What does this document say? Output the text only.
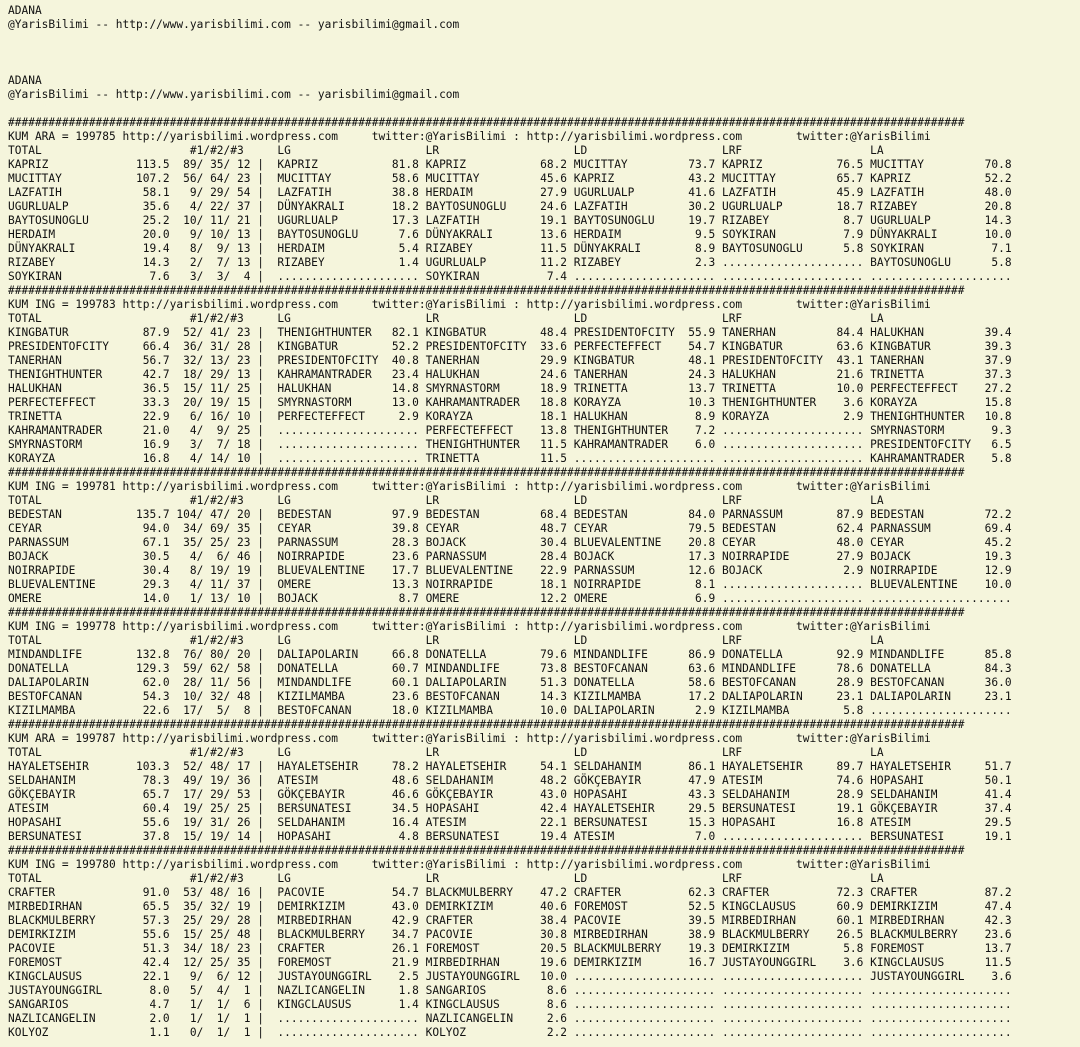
ADANA
@YarisBilimi -- http://www.yarisbilimi.com -- yarisbilimi@gmail.com
ADANA
@YarisBilimi -- http://www.yarisbilimi.com -- yarisbilimi@gmail.com
##############################################################################################################################################
KUM ARA = 199785 http://yarisbilimi.wordpress.com     twitter:@YarisBilimi : http://yarisbilimi.wordpress.com        twitter:@YarisBilimi
TOTAL                      #1/#2/#3     LG                    LR                    LD                    LRF                   LA
KAPRIZ             113.5  89/ 35/ 12 |  KAPRIZ           81.8 KAPRIZ           68.2 MUCITTAY         73.7 KAPRIZ           76.5 MUCITTAY         70.8
MUCITTAY           107.2  56/ 64/ 23 |  MUCITTAY         58.6 MUCITTAY         45.6 KAPRIZ           43.2 MUCITTAY         65.7 KAPRIZ           52.2
LAZFATIH            58.1   9/ 29/ 54 |  LAZFATIH         38.8 HERDAIM          27.9 UGURLUALP        41.6 LAZFATIH         45.9 LAZFATIH         48.0
UGURLUALP           35.6   4/ 22/ 37 |  DÜNYAKRALI       18.2 BAYTOSUNOGLU     24.6 LAZFATIH         30.2 UGURLUALP        18.7 RIZABEY          20.8
BAYTOSUNOGLU        25.2  10/ 11/ 21 |  UGURLUALP        17.3 LAZFATIH         19.1 BAYTOSUNOGLU     19.7 RIZABEY           8.7 UGURLUALP        14.3
HERDAIM             20.0   9/ 10/ 13 |  BAYTOSUNOGLU      7.6 DÜNYAKRALI       13.6 HERDAIM           9.5 SOYKIRAN          7.9 DÜNYAKRALI       10.0
DÜNYAKRALI          19.4   8/  9/ 13 |  HERDAIM           5.4 RIZABEY          11.5 DÜNYAKRALI        8.9 BAYTOSUNOGLU      5.8 SOYKIRAN          7.1
RIZABEY             14.3   2/  7/ 13 |  RIZABEY           1.4 UGURLUALP        11.2 RIZABEY           2.3 ..................... BAYTOSUNOGLU      5.8
SOYKIRAN             7.6   3/  3/  4 |  ..................... SOYKIRAN          7.4 ..................... ..................... .....................
##############################################################################################################################################
KUM ING = 199783 http://yarisbilimi.wordpress.com     twitter:@YarisBilimi : http://yarisbilimi.wordpress.com        twitter:@YarisBilimi
TOTAL                      #1/#2/#3     LG                    LR                    LD                    LRF                   LA
KINGBATUR           87.9  52/ 41/ 23 |  THENIGHTHUNTER   82.1 KINGBATUR        48.4 PRESIDENTOFCITY  55.9 TANERHAN         84.4 HALUKHAN         39.4
PRESIDENTOFCITY     66.4  36/ 31/ 28 |  KINGBATUR        52.2 PRESIDENTOFCITY  33.6 PERFECTEFFECT    54.7 KINGBATUR        63.6 KINGBATUR        39.3
TANERHAN            56.7  32/ 13/ 23 |  PRESIDENTOFCITY  40.8 TANERHAN         29.9 KINGBATUR        48.1 PRESIDENTOFCITY  43.1 TANERHAN         37.9
THENIGHTHUNTER      42.7  18/ 29/ 13 |  KAHRAMANTRADER   23.4 HALUKHAN         24.6 TANERHAN         24.3 HALUKHAN         21.6 TRINETTA         37.3
HALUKHAN            36.5  15/ 11/ 25 |  HALUKHAN         14.8 SMYRNASTORM      18.9 TRINETTA         13.7 TRINETTA         10.0 PERFECTEFFECT    27.2
PERFECTEFFECT       33.3  20/ 19/ 15 |  SMYRNASTORM      13.0 KAHRAMANTRADER   18.8 KORAYZA          10.3 THENIGHTHUNTER    3.6 KORAYZA          15.8
TRINETTA            22.9   6/ 16/ 10 |  PERFECTEFFECT     2.9 KORAYZA          18.1 HALUKHAN          8.9 KORAYZA           2.9 THENIGHTHUNTER   10.8
KAHRAMANTRADER      21.0   4/  9/ 25 |  ..................... PERFECTEFFECT    13.8 THENIGHTHUNTER    7.2 ..................... SMYRNASTORM       9.3
SMYRNASTORM         16.9   3/  7/ 18 |  ..................... THENIGHTHUNTER   11.5 KAHRAMANTRADER    6.0 ..................... PRESIDENTOFCITY   6.5
KORAYZA             16.8   4/ 14/ 10 |  ..................... TRINETTA         11.5 ..................... ..................... KAHRAMANTRADER    5.8
##############################################################################################################################################
KUM ING = 199781 http://yarisbilimi.wordpress.com     twitter:@YarisBilimi : http://yarisbilimi.wordpress.com        twitter:@YarisBilimi
TOTAL                      #1/#2/#3     LG                    LR                    LD                    LRF                   LA
BEDESTAN           135.7 104/ 47/ 20 |  BEDESTAN         97.9 BEDESTAN         68.4 BEDESTAN         84.0 PARNASSUM        87.9 BEDESTAN         72.2
CEYAR               94.0  34/ 69/ 35 |  CEYAR            39.8 CEYAR            48.7 CEYAR            79.5 BEDESTAN         62.4 PARNASSUM        69.4
PARNASSUM           67.1  35/ 25/ 23 |  PARNASSUM        28.3 BOJACK           30.4 BLUEVALENTINE    20.8 CEYAR            48.0 CEYAR            45.2
BOJACK              30.5   4/  6/ 46 |  NOIRRAPIDE       23.6 PARNASSUM        28.4 BOJACK           17.3 NOIRRAPIDE       27.9 BOJACK           19.3
NOIRRAPIDE          30.4   8/ 19/ 19 |  BLUEVALENTINE    17.7 BLUEVALENTINE    22.9 PARNASSUM        12.6 BOJACK            2.9 NOIRRAPIDE       12.9
BLUEVALENTINE       29.3   4/ 11/ 37 |  OMERE            13.3 NOIRRAPIDE       18.1 NOIRRAPIDE        8.1 ..................... BLUEVALENTINE    10.0
OMERE               14.0   1/ 13/ 10 |  BOJACK            8.7 OMERE            12.2 OMERE             6.9 ..................... .....................
##############################################################################################################################################
KUM ING = 199778 http://yarisbilimi.wordpress.com     twitter:@YarisBilimi : http://yarisbilimi.wordpress.com        twitter:@YarisBilimi
TOTAL                      #1/#2/#3     LG                    LR                    LD                    LRF                   LA
MINDANDLIFE        132.8  76/ 80/ 20 |  DALIAPOLARIN     66.8 DONATELLA        79.6 MINDANDLIFE      86.9 DONATELLA        92.9 MINDANDLIFE      85.8
DONATELLA          129.3  59/ 62/ 58 |  DONATELLA        60.7 MINDANDLIFE      73.8 BESTOFCANAN      63.6 MINDANDLIFE      78.6 DONATELLA        84.3
DALIAPOLARIN        62.0  28/ 11/ 56 |  MINDANDLIFE      60.1 DALIAPOLARIN     51.3 DONATELLA        58.6 BESTOFCANAN      28.9 BESTOFCANAN      36.0
BESTOFCANAN         54.3  10/ 32/ 48 |  KIZILMAMBA       23.6 BESTOFCANAN      14.3 KIZILMAMBA       17.2 DALIAPOLARIN     23.1 DALIAPOLARIN     23.1
KIZILMAMBA          22.6  17/  5/  8 |  BESTOFCANAN      18.0 KIZILMAMBA       10.0 DALIAPOLARIN      2.9 KIZILMAMBA        5.8 .....................
##############################################################################################################################################
KUM ARA = 199787 http://yarisbilimi.wordpress.com     twitter:@YarisBilimi : http://yarisbilimi.wordpress.com        twitter:@YarisBilimi
TOTAL                      #1/#2/#3     LG                    LR                    LD                    LRF                   LA
HAYALETSEHIR       103.3  52/ 48/ 17 |  HAYALETSEHIR     78.2 HAYALETSEHIR     54.1 SELDAHANIM       86.1 HAYALETSEHIR     89.7 HAYALETSEHIR     51.7
SELDAHANIM          78.3  49/ 19/ 36 |  ATESIM           48.6 SELDAHANIM       48.2 GÖKÇEBAYIR       47.9 ATESIM           74.6 HOPASAHI         50.1
GÖKÇEBAYIR          65.7  17/ 29/ 53 |  GÖKÇEBAYIR       46.6 GÖKÇEBAYIR       43.0 HOPASAHI         43.3 SELDAHANIM       28.9 SELDAHANIM       41.4
ATESIM              60.4  19/ 25/ 25 |  BERSUNATESI      34.5 HOPASAHI         42.4 HAYALETSEHIR     29.5 BERSUNATESI      19.1 GÖKÇEBAYIR       37.4
HOPASAHI            55.6  19/ 31/ 26 |  SELDAHANIM       16.4 ATESIM           22.1 BERSUNATESI      15.3 HOPASAHI         16.8 ATESIM           29.5
BERSUNATESI         37.8  15/ 19/ 14 |  HOPASAHI          4.8 BERSUNATESI      19.4 ATESIM            7.0 ..................... BERSUNATESI      19.1
##############################################################################################################################################
KUM ING = 199780 http://yarisbilimi.wordpress.com     twitter:@YarisBilimi : http://yarisbilimi.wordpress.com        twitter:@YarisBilimi
TOTAL                      #1/#2/#3     LG                    LR                    LD                    LRF                   LA
CRAFTER             91.0  53/ 48/ 16 |  PACOVIE          54.7 BLACKMULBERRY    47.2 CRAFTER          62.3 CRAFTER          72.3 CRAFTER          87.2
MIRBEDIRHAN         65.5  35/ 32/ 19 |  DEMIRKIZIM       43.0 DEMIRKIZIM       40.6 FOREMOST         52.5 KINGCLAUSUS      60.9 DEMIRKIZIM       47.4
BLACKMULBERRY       57.3  25/ 29/ 28 |  MIRBEDIRHAN      42.9 CRAFTER          38.4 PACOVIE          39.5 MIRBEDIRHAN      60.1 MIRBEDIRHAN      42.3
DEMIRKIZIM          55.6  15/ 25/ 48 |  BLACKMULBERRY    34.7 PACOVIE          30.8 MIRBEDIRHAN      38.9 BLACKMULBERRY    26.5 BLACKMULBERRY    23.6
PACOVIE             51.3  34/ 18/ 23 |  CRAFTER          26.1 FOREMOST         20.5 BLACKMULBERRY    19.3 DEMIRKIZIM        5.8 FOREMOST         13.7
FOREMOST            42.4  12/ 25/ 35 |  FOREMOST         21.9 MIRBEDIRHAN      19.6 DEMIRKIZIM       16.7 JUSTAYOUNGGIRL    3.6 KINGCLAUSUS      11.5
KINGCLAUSUS         22.1   9/  6/ 12 |  JUSTAYOUNGGIRL    2.5 JUSTAYOUNGGIRL   10.0 ..................... ..................... JUSTAYOUNGGIRL    3.6
JUSTAYOUNGGIRL       8.0   5/  4/  1 |  NAZLICANGELIN     1.8 SANGARIOS         8.6 ..................... ..................... .....................
SANGARIOS            4.7   1/  1/  6 |  KINGCLAUSUS       1.4 KINGCLAUSUS       8.6 ..................... ..................... .....................
NAZLICANGELIN        2.0   1/  1/  1 |  ..................... NAZLICANGELIN     2.6 ..................... ..................... .....................
KOLYOZ               1.1   0/  1/  1 |  ..................... KOLYOZ            2.2 ..................... ..................... .....................
